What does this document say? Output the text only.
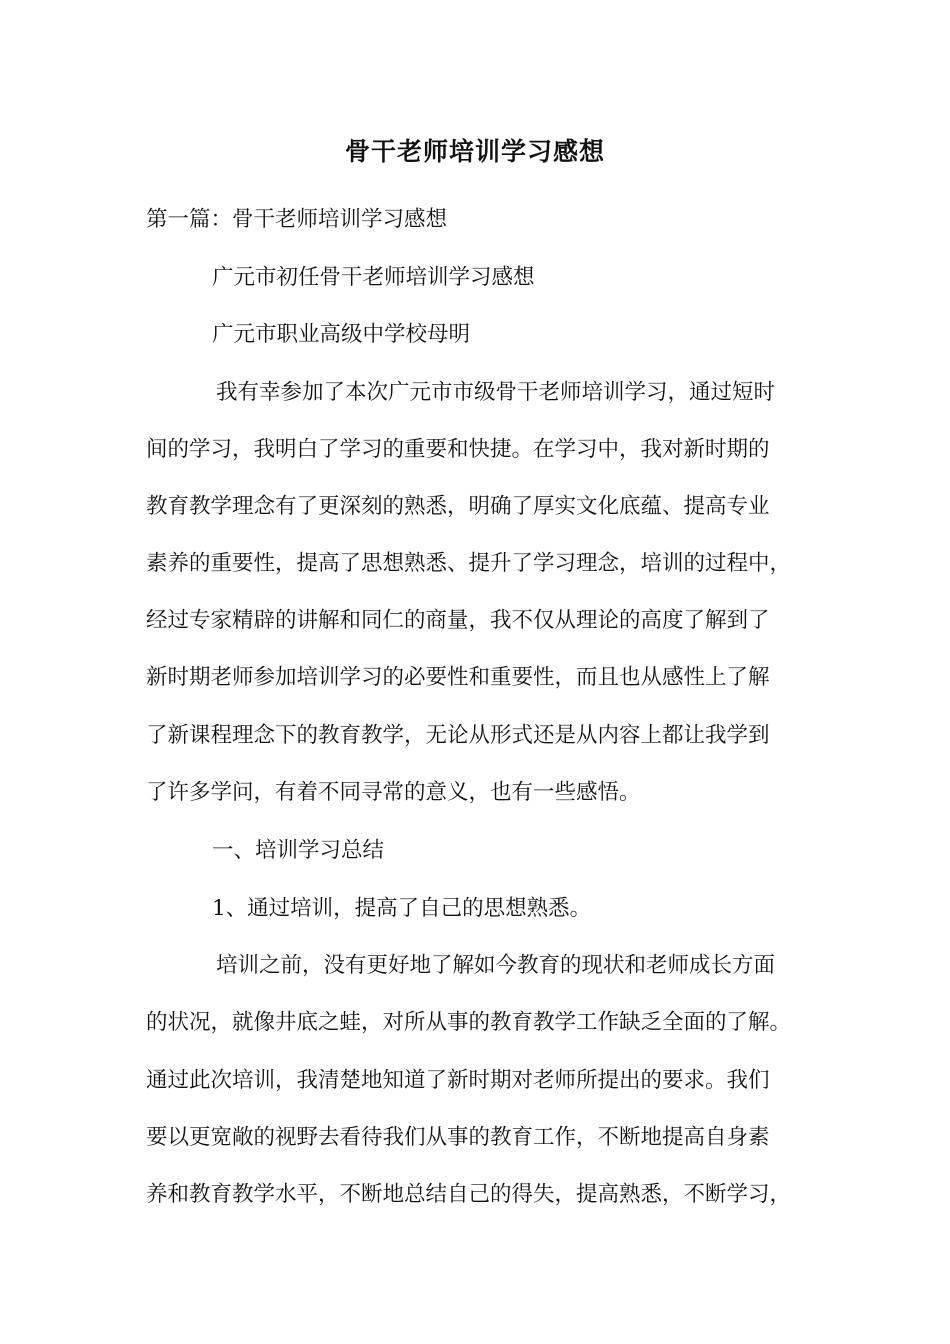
骨干老师培训学习感想
第一篇：骨干老师培训学习感想
广元市初任骨干老师培训学习感想
广元市职业高级中学校母明
我有幸参加了本次广元市市级骨干老师培训学习，通过短时
间的学习，我明白了学习的重要和快捷。在学习中，我对新时期的
教育教学理念有了更深刻的熟悉，明确了厚实文化底蕴、提高专业
素养的重要性，提高了思想熟悉、提升了学习理念，培训的过程中，
经过专家精辟的讲解和同仁的商量，我不仅从理论的高度了解到了
新时期老师参加培训学习的必要性和重要性，而且也从感性上了解
了新课程理念下的教育教学，无论从形式还是从内容上都让我学到
了许多学问，有着不同寻常的意义，也有一些感悟。
一、培训学习总结
1、通过培训，提高了自己的思想熟悉。
培训之前，没有更好地了解如今教育的现状和老师成长方面
的状况，就像井底之蛙，对所从事的教育教学工作缺乏全面的了解。
通过此次培训，我清楚地知道了新时期对老师所提出的要求。我们
要以更宽敞的视野去看待我们从事的教育工作，不断地提高自身素
养和教育教学水平，不断地总结自己的得失，提高熟悉，不断学习，
